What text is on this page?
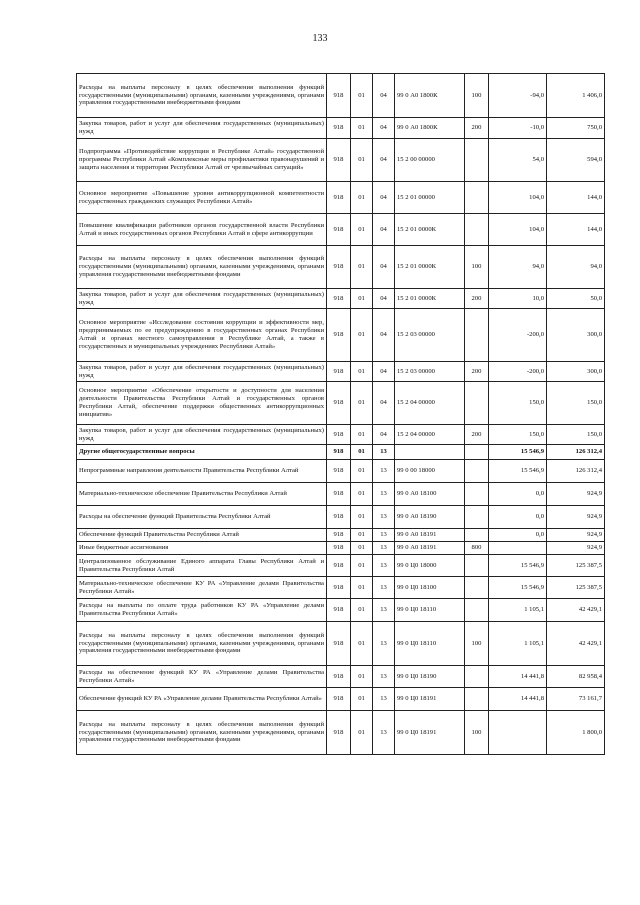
133
Расходы на выплаты персоналу в целях обеспечения выполнения функций государственными (муниципальными) органами, казенными учреждениями, органами управления государственными внебюджетными фондами	918	01	04	99 0 А0 1800К	100	-94,0	1 406,0
Закупка товаров, работ и услуг для обеспечения государственных (муниципальных) нужд	918	01	04	99 0 А0 1800К	200	-10,0	750,0
Подпрограмма «Противодействие коррупции в Республике Алтай» государственной программы Республики Алтай «Комплексные меры профилактики правонарушений и защита населения и территории Республики Алтай от чрезвычайных ситуаций»	918	01	04	15 2 00 00000		54,0	594,0
Основное мероприятие «Повышение уровня антикоррупционной компетентности государственных гражданских служащих Республики Алтай»	918	01	04	15 2 01 00000		104,0	144,0
Повышение квалификации работников органов государственной власти Республики Алтай и иных государственных органов Республики Алтай в сфере антикоррупции	918	01	04	15 2 01 0000К		104,0	144,0
Расходы на выплаты персоналу в целях обеспечения выполнения функций государственными (муниципальными) органами, казенными учреждениями, органами управления государственными внебюджетными фондами	918	01	04	15 2 01 0000К	100	94,0	94,0
Закупка товаров, работ и услуг для обеспечения государственных (муниципальных) нужд	918	01	04	15 2 01 0000К	200	10,0	50,0
Основное мероприятие «Исследование состояния коррупции и эффективности мер, предпринимаемых по ее предупреждению в государственных органах Республики Алтай и органах местного самоуправления в Республике Алтай, а также в государственных и муниципальных учреждениях Республики Алтай»	918	01	04	15 2 03 00000		-200,0	300,0
Закупка товаров, работ и услуг для обеспечения государственных (муниципальных) нужд	918	01	04	15 2 03 00000	200	-200,0	300,0
Основное мероприятие «Обеспечение открытости и доступности для населения деятельности Правительства Республики Алтай и государственных органов Республики Алтай, обеспечение поддержки общественных антикоррупционных инициатив»	918	01	04	15 2 04 00000		150,0	150,0
Закупка товаров, работ и услуг для обеспечения государственных (муниципальных) нужд	918	01	04	15 2 04 00000	200	150,0	150,0
Другие общегосударственные вопросы	918	01	13			15 546,9	126 312,4
Непрограммные направления деятельности Правительства Республики Алтай	918	01	13	99 0 00 18000		15 546,9	126 312,4
Материально-техническое обеспечение Правительства Республики Алтай	918	01	13	99 0 А0 18100		0,0	924,9
Расходы на обеспечение функций Правительства Республики Алтай	918	01	13	99 0 А0 18190		0,0	924,9
Обеспечение функций Правительства Республики Алтай	918	01	13	99 0 А0 18191		0,0	924,9
Иные бюджетные ассигнования	918	01	13	99 0 А0 18191	800		924,9
Централизованное обслуживание Единого аппарата Главы Республики Алтай и Правительства Республики Алтай	918	01	13	99 0 Ц0 18000		15 546,9	125 387,5
Материально-техническое обеспечение КУ РА «Управление делами Правительства Республики Алтай»	918	01	13	99 0 Ц0 18100		15 546,9	125 387,5
Расходы на выплаты по оплате труда работников КУ РА «Управление делами Правительства Республики Алтай»	918	01	13	99 0 Ц0 18110		1 105,1	42 429,1
Расходы на выплаты персоналу в целях обеспечения выполнения функций государственными (муниципальными) органами, казенными учреждениями, органами управления государственными внебюджетными фондами	918	01	13	99 0 Ц0 18110	100	1 105,1	42 429,1
Расходы на обеспечение функций КУ РА «Управление делами Правительства Республики Алтай»	918	01	13	99 0 Ц0 18190		14 441,8	82 958,4
Обеспечение функций КУ РА «Управление делами Правительства Республики Алтай»	918	01	13	99 0 Ц0 18191		14 441,8	73 161,7
Расходы на выплаты персоналу в целях обеспечения выполнения функций государственными (муниципальными) органами, казенными учреждениями, органами управления государственными внебюджетными фондами	918	01	13	99 0 Ц0 18191	100		1 800,0
